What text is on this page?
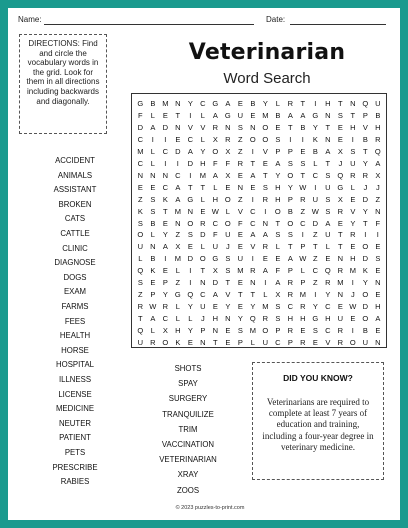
Name:	Date:
DIRECTIONS: Find and circle the vocabulary words in the grid. Look for them in all directions including backwards and diagonally.
Veterinarian
Word Search
G B M N Y C G A E B Y	L	R	T	I	H	T N Q U
F	L	E	T	I	L	A G U E M B A A G N S	T	P B
D A D N V V R N S N O E	T	B Y	T	E H V H
C	I	I	E C	L	X R	Z O O S	I	I	K N E	I	B R
M L	C D A Y O X	Z	I	V P P E B A X S	T Q
C	L	I	I	D H	F	F R	T	E A S S	L	T	J	U Y A
N N N C	I	M A X E A	T	Y O T C S Q R R X
E E C A	T	T	L	E N E S H Y W	I	U G L	J	J
Z	S K A G L	H O Z	I	R H P R U S X E D	Z
K S	T M N E W L	V C	I	O B	Z W S R V Y N
S B E N O R C O F C N	T O C D A E Y	T	F
O L	Y	Z	S D	F U E A A S S	I	Z U	T R	I	I
U N A X E	L	U	J	E V R	L	T	P	T	L	T	E O E
L	B	I	M D O G S U	I	E E A W Z	E N H D S
Q K E	L	I	T	X S M R A	F	P	L	C Q R M K E
S E P	Z	I	N D	T	E N	I	A R P	Z R M	I	Y N
Z	P Y G Q C A V	T	T	L	X R M	I	Y N	J	O E
R W R	L	Y U E Y E Y M S C R Y C E W D H
T	A C	L	L	J	H N Y Q R S H H G H U E O A
Q L	X H Y P N E S M O P R E S C R	I	B E
U R O K E N	T	E P	L	U C P R E V R O U N
ACCIDENT
ANIMALS
ASSISTANT
BROKEN
CATS
CATTLE
CLINIC
DIAGNOSE
DOGS
EXAM
FARMS
FEES
HEALTH
HORSE
HOSPITAL
ILLNESS
LICENSE
MEDICINE
NEUTER
PATIENT
PETS
PRESCRIBE
RABIES
SHOTS
SPAY
SURGERY
TRANQUILIZE
TRIM
VACCINATION
VETERINARIAN
XRAY
ZOOS
DID YOU KNOW?
Veterinarians are required to complete at least 7 years of education and training, including a four-year degree in veterinary medicine.
© 2023 puzzles-to-print.com
